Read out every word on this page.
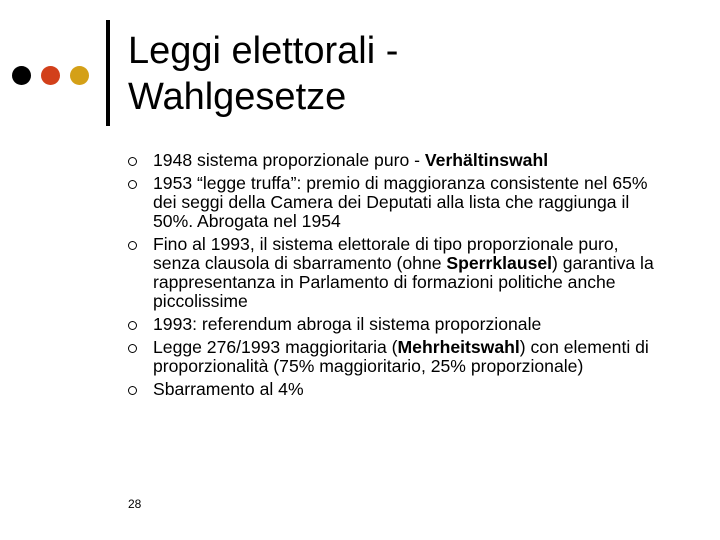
Leggi elettorali -
Wahlgesetze
1948 sistema proporzionale puro - Verhältinswahl
1953 “legge truffa”: premio di maggioranza consistente nel 65% dei seggi della Camera dei Deputati alla lista che raggiunga il 50%. Abrogata nel 1954
Fino al 1993, il sistema elettorale di tipo proporzionale puro, senza clausola di sbarramento (ohne Sperrklausel) garantiva la rappresentanza in Parlamento di formazioni politiche anche piccolissime
1993: referendum abroga il sistema proporzionale
Legge 276/1993 maggioritaria (Mehrheitswahl) con elementi di proporzionalità (75% maggioritario, 25% proporzionale)
Sbarramento al 4%
28
